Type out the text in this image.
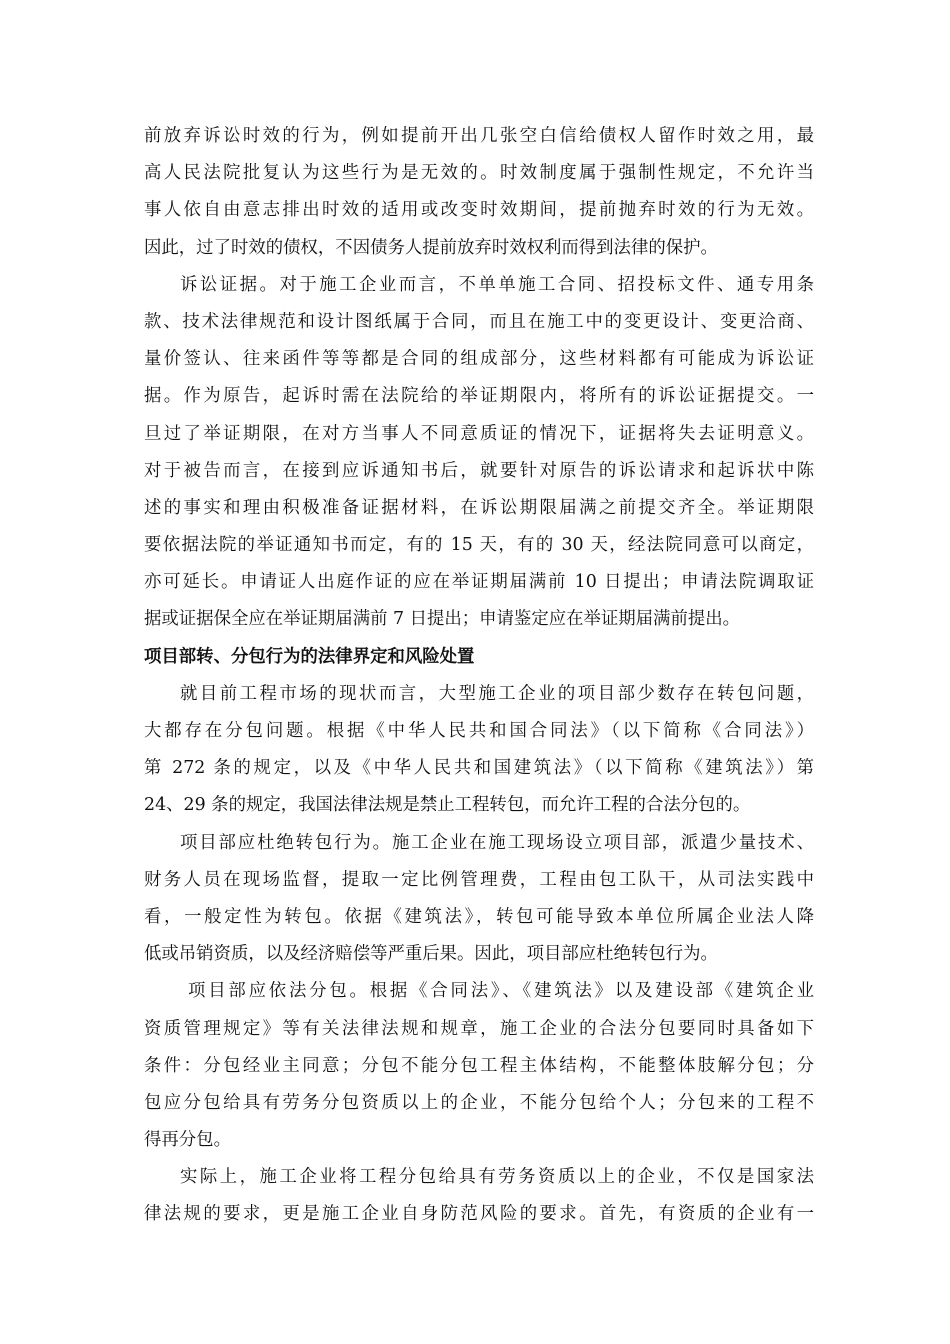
前放弃诉讼时效的行为，例如提前开出几张空白信给债权人留作时效之用，最
高人民法院批复认为这些行为是无效的。时效制度属于强制性规定，不允许当
事人依自由意志排出时效的适用或改变时效期间，提前抛弃时效的行为无效。
因此，过了时效的债权，不因债务人提前放弃时效权利而得到法律的保护。
诉讼证据。对于施工企业而言，不单单施工合同、招投标文件、通专用条
款、技术法律规范和设计图纸属于合同，而且在施工中的变更设计、变更洽商、
量价签认、往来函件等等都是合同的组成部分，这些材料都有可能成为诉讼证
据。作为原告，起诉时需在法院给的举证期限内，将所有的诉讼证据提交。一
旦过了举证期限，在对方当事人不同意质证的情况下，证据将失去证明意义。
对于被告而言，在接到应诉通知书后，就要针对原告的诉讼请求和起诉状中陈
述的事实和理由积极准备证据材料，在诉讼期限届满之前提交齐全。举证期限
要依据法院的举证通知书而定，有的 15 天，有的 30 天，经法院同意可以商定，
亦可延长。申请证人出庭作证的应在举证期届满前 10 日提出；申请法院调取证
据或证据保全应在举证期届满前 7 日提出；申请鉴定应在举证期届满前提出。
项目部转、分包行为的法律界定和风险处置
就目前工程市场的现状而言，大型施工企业的项目部少数存在转包问题，
大都存在分包问题。根据《中华人民共和国合同法》（以下简称《合同法》）
第 272 条的规定，以及《中华人民共和国建筑法》（以下简称《建筑法》）第
24、29 条的规定，我国法律法规是禁止工程转包，而允许工程的合法分包的。
项目部应杜绝转包行为。施工企业在施工现场设立项目部，派遣少量技术、
财务人员在现场监督，提取一定比例管理费，工程由包工队干，从司法实践中
看，一般定性为转包。依据《建筑法》，转包可能导致本单位所属企业法人降
低或吊销资质，以及经济赔偿等严重后果。因此，项目部应杜绝转包行为。
项目部应依法分包。根据《合同法》、《建筑法》以及建设部《建筑企业
资质管理规定》等有关法律法规和规章，施工企业的合法分包要同时具备如下
条件：分包经业主同意；分包不能分包工程主体结构，不能整体肢解分包；分
包应分包给具有劳务分包资质以上的企业，不能分包给个人；分包来的工程不
得再分包。
实际上，施工企业将工程分包给具有劳务资质以上的企业，不仅是国家法
律法规的要求，更是施工企业自身防范风险的要求。首先，有资质的企业有一
